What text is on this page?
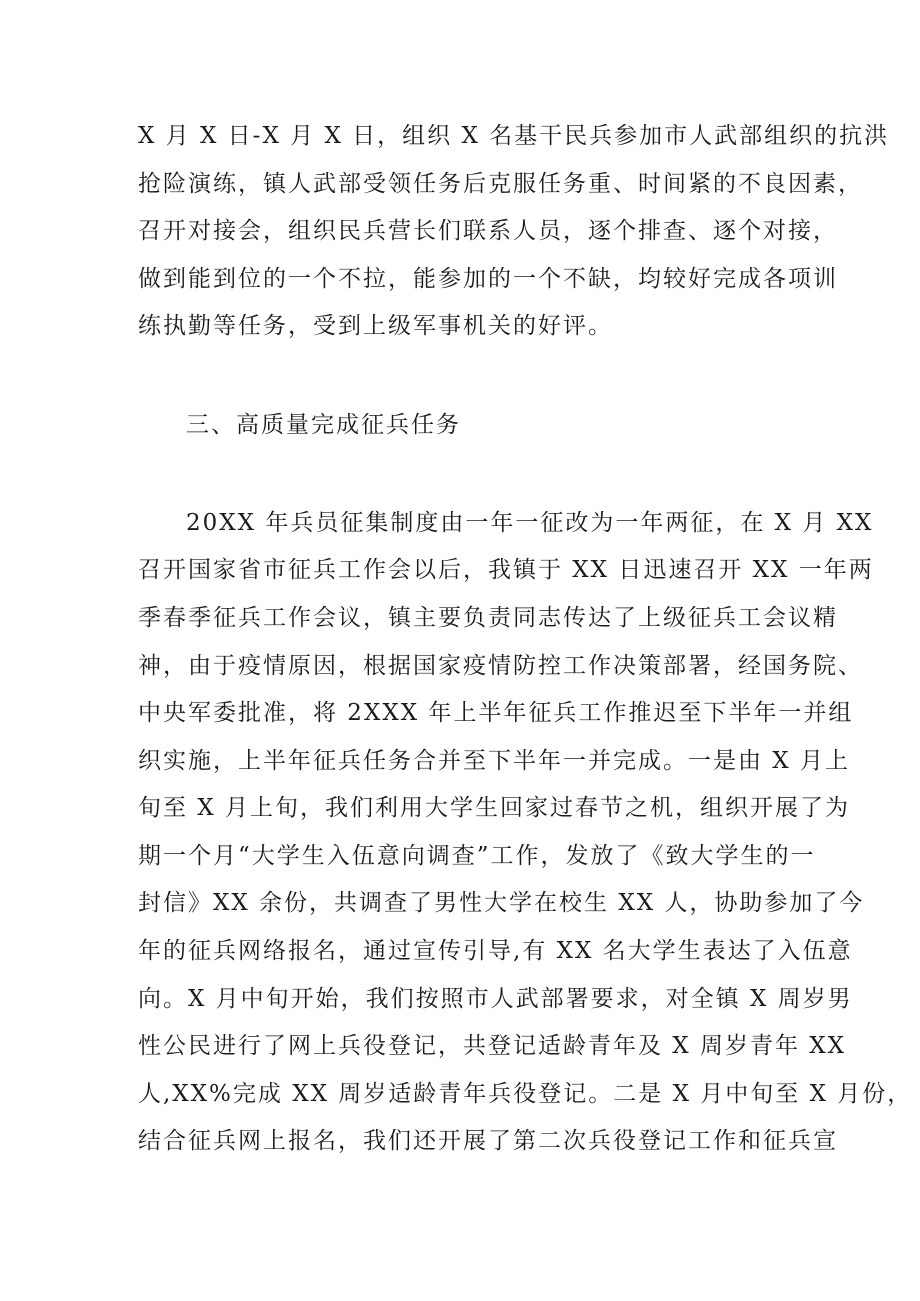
X 月 X 日-X 月 X 日，组织 X 名基干民兵参加市人武部组织的抗洪
抢险演练，镇人武部受领任务后克服任务重、时间紧的不良因素，
召开对接会，组织民兵营长们联系人员，逐个排查、逐个对接，
做到能到位的一个不拉，能参加的一个不缺，均较好完成各项训
练执勤等任务，受到上级军事机关的好评。
三、高质量完成征兵任务
20XX 年兵员征集制度由一年一征改为一年两征，在 X 月 XX
召开国家省市征兵工作会以后，我镇于 XX 日迅速召开 XX 一年两
季春季征兵工作会议，镇主要负责同志传达了上级征兵工会议精
神，由于疫情原因，根据国家疫情防控工作决策部署，经国务院、
中央军委批准，将 2XXX 年上半年征兵工作推迟至下半年一并组
织实施，上半年征兵任务合并至下半年一并完成。一是由 X 月上
旬至 X 月上旬，我们利用大学生回家过春节之机，组织开展了为
期一个月“大学生入伍意向调查”工作，发放了《致大学生的一
封信》XX 余份，共调查了男性大学在校生 XX 人，协助参加了今
年的征兵网络报名，通过宣传引导,有 XX 名大学生表达了入伍意
向。X 月中旬开始，我们按照市人武部署要求，对全镇 X 周岁男
性公民进行了网上兵役登记，共登记适龄青年及 X 周岁青年 XX
人,XX%完成 XX 周岁适龄青年兵役登记。二是 X 月中旬至 X 月份，
结合征兵网上报名，我们还开展了第二次兵役登记工作和征兵宣
